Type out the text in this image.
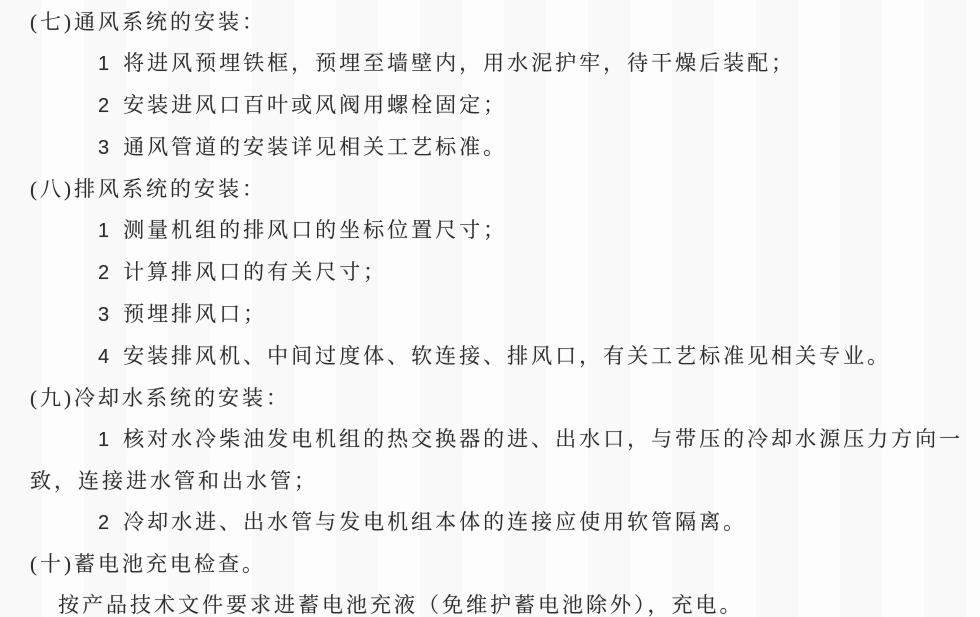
(七)通风系统的安装：

1 将进风预埋铁框，预埋至墙壁内，用水泥护牢，待干燥后装配；

2 安装进风口百叶或风阀用螺栓固定；

3 通风管道的安装详见相关工艺标准。

(八)排风系统的安装：

1 测量机组的排风口的坐标位置尺寸；

2 计算排风口的有关尺寸；

3 预埋排风口；

4 安装排风机、中间过度体、软连接、排风口，有关工艺标准见相关专业。

(九)冷却水系统的安装：

1 核对水冷柴油发电机组的热交换器的进、出水口，与带压的冷却水源压力方向一致，连接进水管和出水管；

2 冷却水进、出水管与发电机组本体的连接应使用软管隔离。

(十)蓄电池充电检查。

按产品技术文件要求进蓄电池充液（免维护蓄电池除外），充电。
